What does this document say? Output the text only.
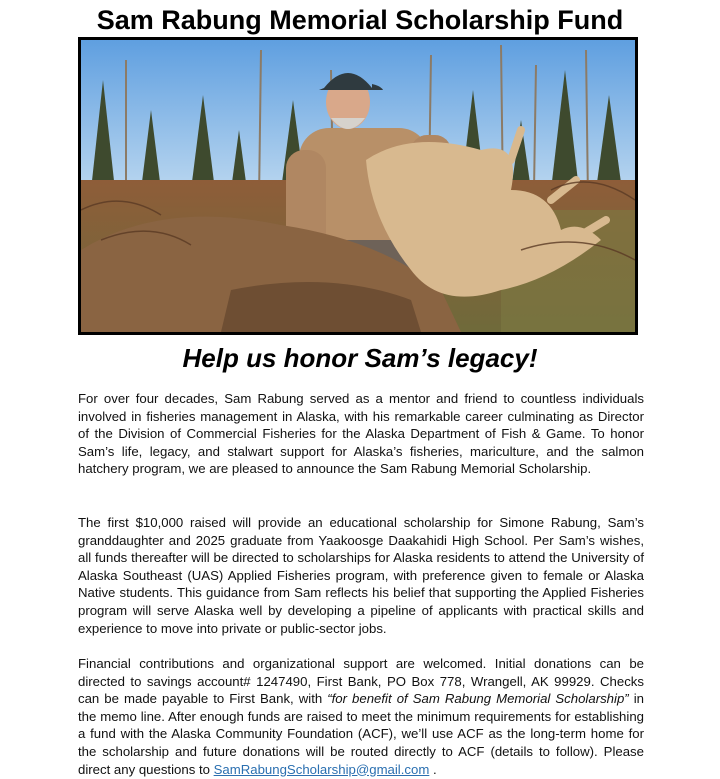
Sam Rabung Memorial Scholarship Fund
Help us honor Sam’s legacy!

For over four decades, Sam Rabung served as a mentor and friend to countless individuals involved in fisheries management in Alaska, with his remarkable career culminating as Director of the Division of Commercial Fisheries for the Alaska Department of Fish & Game. To honor Sam’s life, legacy, and stalwart support for Alaska’s fisheries, mariculture, and the salmon hatchery program, we are pleased to announce the Sam Rabung Memorial Scholarship.

The first $10,000 raised will provide an educational scholarship for Simone Rabung, Sam’s granddaughter and 2025 graduate from Yaakoosge Daakahidi High School. Per Sam’s wishes, all funds thereafter will be directed to scholarships for Alaska residents to attend the University of Alaska Southeast (UAS) Applied Fisheries program, with preference given to female or Alaska Native students. This guidance from Sam reflects his belief that supporting the Applied Fisheries program will serve Alaska well by developing a pipeline of applicants with practical skills and experience to move into private or public-sector jobs.

Financial contributions and organizational support are welcomed. Initial donations can be directed to savings account# 1247490, First Bank, PO Box 778, Wrangell, AK 99929. Checks can be made payable to First Bank, with “for benefit of Sam Rabung Memorial Scholarship” in the memo line. After enough funds are raised to meet the minimum requirements for establishing a fund with the Alaska Community Foundation (ACF), we’ll use ACF as the long-term home for the scholarship and future donations will be routed directly to ACF (details to follow). Please direct any questions to SamRabungScholarship@gmail.com .
